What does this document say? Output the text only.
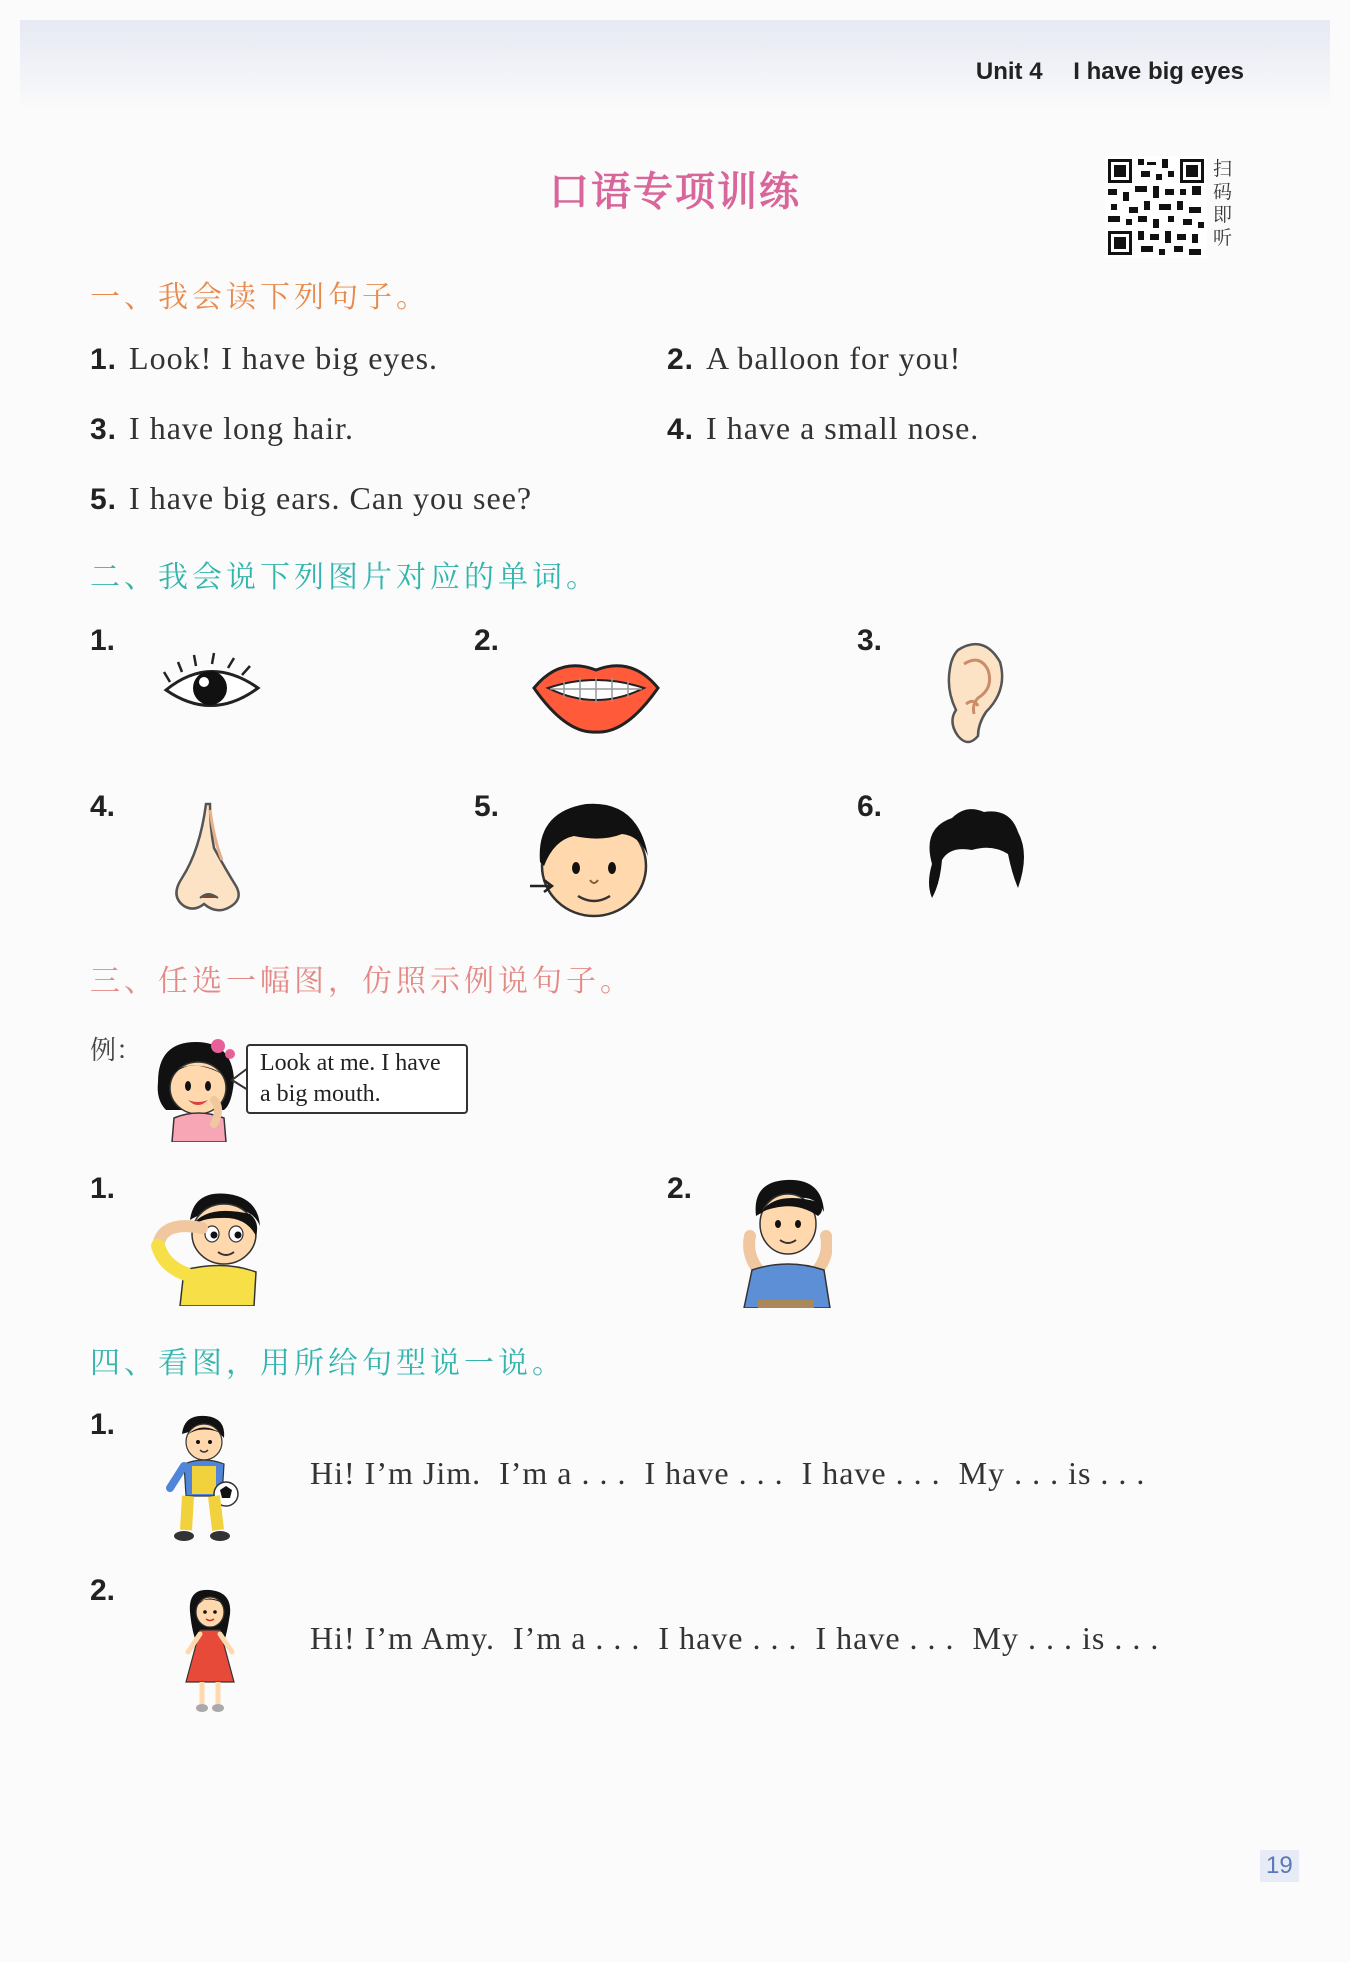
Unit 4 I have big eyes
口语专项训练	扫码即听
一、我会读下列句子。
1. Look! I have big eyes.	2. A balloon for you!
3. I have long hair.	4. I have a small nose.
5. I have big ears. Can you see?
二、我会说下列图片对应的单词。
1.	2.	3.
4.	5.	6.
三、任选一幅图，仿照示例说句子。
例：	Look at me. I have
a big mouth.
1.	2.
四、看图，用所给句型说一说。
1.
Hi! I’m Jim.  I’m a . . .  I have . . .  I have . . .  My . . . is . . .
2.
Hi! I’m Amy.  I’m a . . .  I have . . .  I have . . .  My . . . is . . .
19
